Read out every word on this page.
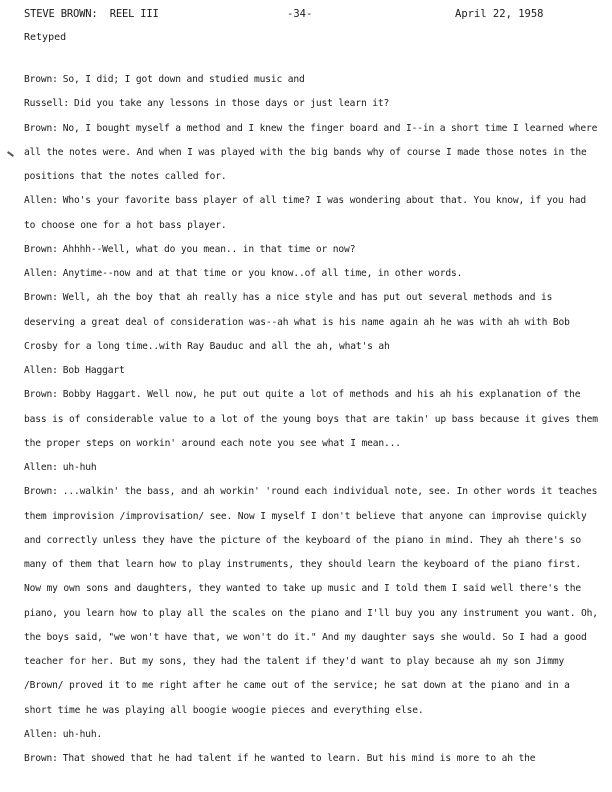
STEVE BROWN:  REEL III	-34-	April 22, 1958
Retyped

Brown: So, I did; I got down and studied music and

Russell: Did you take any lessons in those days or just learn it?

Brown: No, I bought myself a method and I knew the finger board and I--in a short time I learned where all the notes were. And when I was played with the big bands why of course I made those notes in the positions that the notes called for.

Allen: Who's your favorite bass player of all time? I was wondering about that. You know, if you had to choose one for a hot bass player.

Brown: Ahhhh--Well, what do you mean.. in that time or now?

Allen: Anytime--now and at that time or you know..of all time, in other words.

Brown: Well, ah the boy that ah really has a nice style and has put out several methods and is deserving a great deal of consideration was--ah what is his name again ah he was with ah with Bob Crosby for a long time..with Ray Bauduc and all the ah, what's ah

Allen: Bob Haggart

Brown: Bobby Haggart. Well now, he put out quite a lot of methods and his ah his explanation of the bass is of considerable value to a lot of the young boys that are takin' up bass because it gives them the proper steps on workin' around each note you see what I mean...

Allen: uh-huh

Brown: ...walkin' the bass, and ah workin' 'round each individual note, see. In other words it teaches them improvision /improvisation/ see. Now I myself I don't believe that anyone can improvise quickly and correctly unless they have the picture of the keyboard of the piano in mind. They ah there's so many of them that learn how to play instruments, they should learn the keyboard of the piano first. Now my own sons and daughters, they wanted to take up music and I told them I said well there's the piano, you learn how to play all the scales on the piano and I'll buy you any instrument you want. Oh, the boys said, "we won't have that, we won't do it." And my daughter says she would. So I had a good teacher for her. But my sons, they had the talent if they'd want to play because ah my son Jimmy /Brown/ proved it to me right after he came out of the service; he sat down at the piano and in a short time he was playing all boogie woogie pieces and everything else.

Allen: uh-huh.

Brown: That showed that he had talent if he wanted to learn. But his mind is more to ah the
